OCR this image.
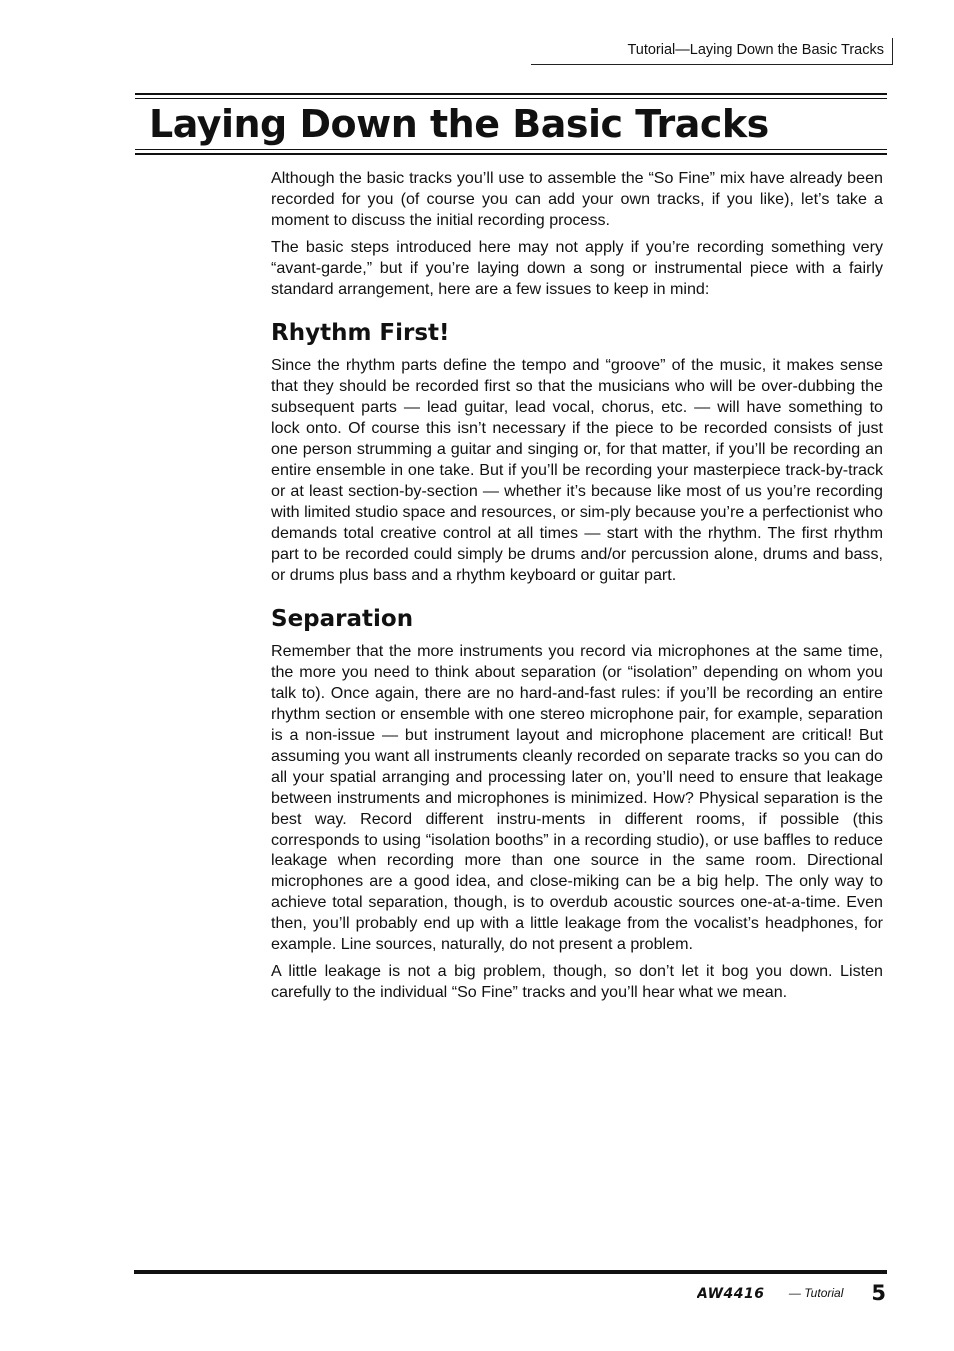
Tutorial—Laying Down the Basic Tracks
Laying Down the Basic Tracks

Although the basic tracks you’ll use to assemble the “So Fine” mix have already been recorded for you (of course you can add your own tracks, if you like), let’s take a moment to discuss the initial recording process.

The basic steps introduced here may not apply if you’re recording something very “avant-garde,” but if you’re laying down a song or instrumental piece with a fairly standard arrangement, here are a few issues to keep in mind:

Rhythm First!

Since the rhythm parts define the tempo and “groove” of the music, it makes sense that they should be recorded first so that the musicians who will be over-dubbing the subsequent parts — lead guitar, lead vocal, chorus, etc. — will have something to lock onto. Of course this isn’t necessary if the piece to be recorded consists of just one person strumming a guitar and singing or, for that matter, if you’ll be recording an entire ensemble in one take. But if you’ll be recording your masterpiece track-by-track or at least section-by-section — whether it’s because like most of us you’re recording with limited studio space and resources, or sim-ply because you’re a perfectionist who demands total creative control at all times — start with the rhythm. The first rhythm part to be recorded could simply be drums and/or percussion alone, drums and bass, or drums plus bass and a rhythm keyboard or guitar part.

Separation

Remember that the more instruments you record via microphones at the same time, the more you need to think about separation (or “isolation” depending on whom you talk to). Once again, there are no hard-and-fast rules: if you’ll be recording an entire rhythm section or ensemble with one stereo microphone pair, for example, separation is a non-issue — but instrument layout and microphone placement are critical! But assuming you want all instruments cleanly recorded on separate tracks so you can do all your spatial arranging and processing later on, you’ll need to ensure that leakage between instruments and microphones is minimized. How? Physical separation is the best way. Record different instru-ments in different rooms, if possible (this corresponds to using “isolation booths” in a recording studio), or use baffles to reduce leakage when recording more than one source in the same room. Directional microphones are a good idea, and close-miking can be a big help. The only way to achieve total separation, though, is to overdub acoustic sources one-at-a-time. Even then, you’ll probably end up with a little leakage from the vocalist’s headphones, for example. Line sources, naturally, do not present a problem.

A little leakage is not a big problem, though, so don’t let it bog you down. Listen carefully to the individual “So Fine” tracks and you’ll hear what we mean.

AW4416 — Tutorial 5
